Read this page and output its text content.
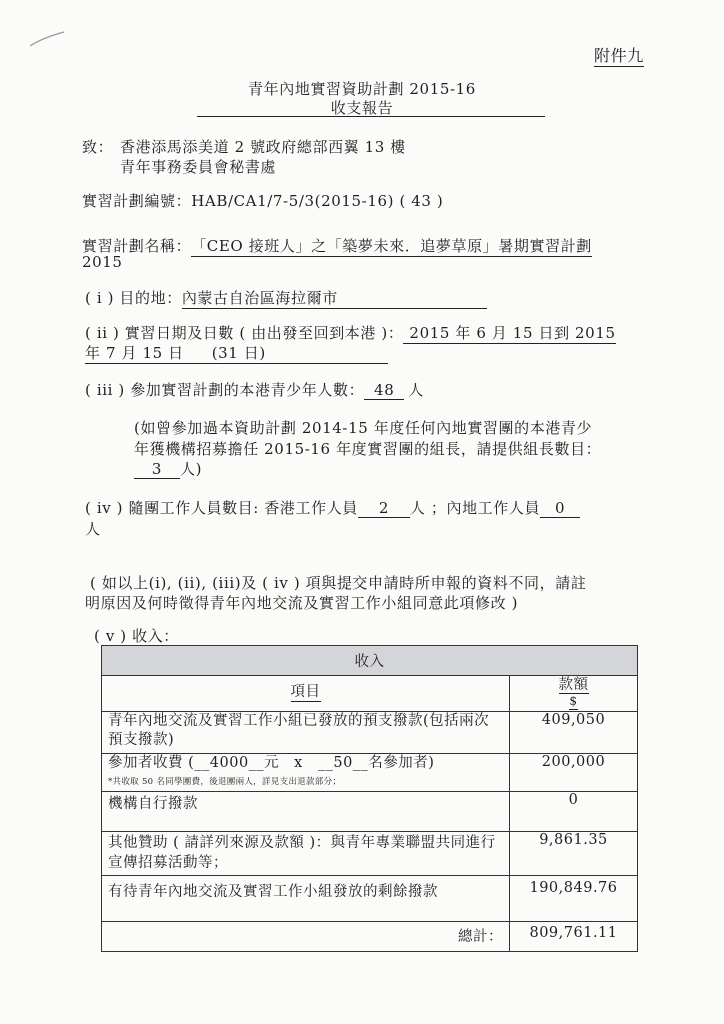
附件九
青年內地實習資助計劃 2015-16
收支報告
致： 香港添馬添美道 2 號政府總部西翼 13 樓
青年事務委員會秘書處
實習計劃編號：HAB/CA1/7-5/3(2015-16) ( 43 )
實習計劃名稱：「CEO 接班人」之「築夢未來．追夢草原」暑期實習計劃
2015
( i ) 目的地：內蒙古自治區海拉爾市
( ii ) 實習日期及日數 ( 由出發至回到本港 )： 2015 年 6 月 15 日到 2015
年 7 月 15 日 (31 日)
( iii ) 參加實習計劃的本港青少年人數： 48 人
(如曾參加過本資助計劃 2014-15 年度任何內地實習團的本港青少
年獲機構招募擔任 2015-16 年度實習團的組長，請提供組長數目：
3 人)
( iv ) 隨團工作人員數目: 香港工作人員 2 人 ；內地工作人員 0
人
( 如以上(i), (ii), (iii)及 ( iv ) 項與提交申請時所申報的資料不同，請註
明原因及何時徵得青年內地交流及實習工作小組同意此項修改 )
( v ) 收入：
收入	
項目	款額
$
青年內地交流及實習工作小組已發放的預支撥款(包括兩次預支撥款)	409,050
參加者收費 (__4000__元　x　__50__名參加者)
*共收取 50 名同學團費，後退團兩人，詳見支出退款部分；	200,000
機構自行撥款	0
其他贊助 ( 請詳列來源及款額 )：與青年專業聯盟共同進行宣傳招募活動等；	9,861.35
有待青年內地交流及實習工作小組發放的剩餘撥款	190,849.76
總計：	809,761.11
